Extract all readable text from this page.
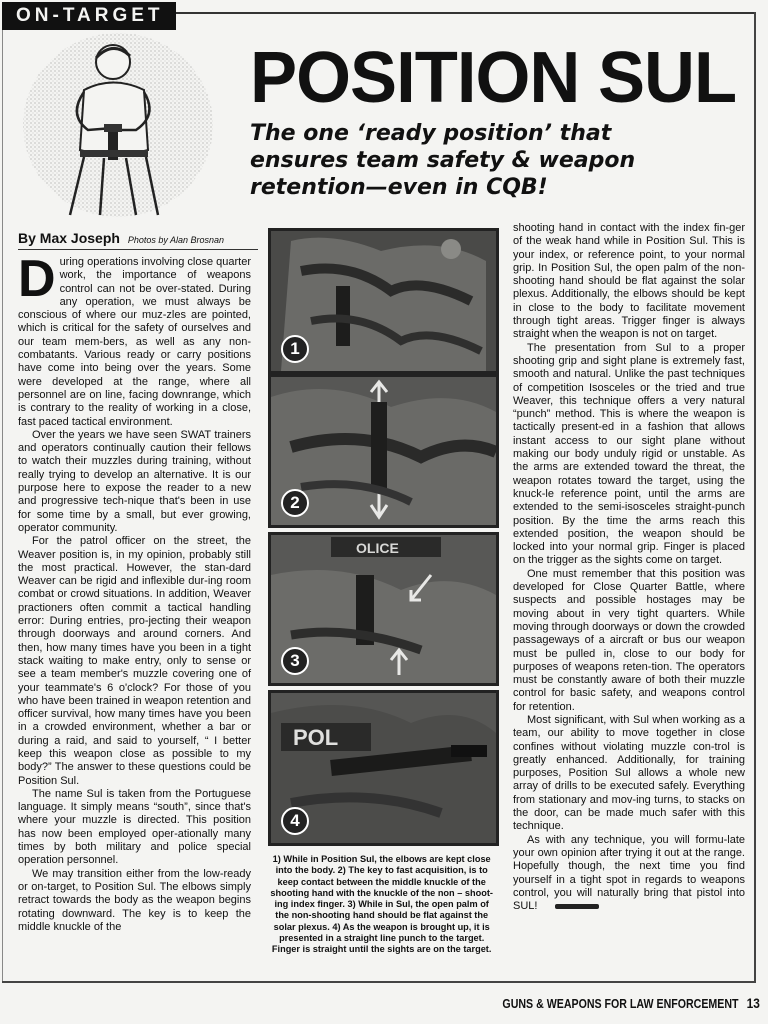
ON-TARGET
POSITION SUL
The one ‘ready position’ that
ensures team safety & weapon
retention—even in CQB!
By Max Joseph Photos by Alan Brosnan

During operations involving close quarter work, the importance of weapons control can not be over-stated. During any operation, we must always be conscious of where our muz-zles are pointed, which is critical for the safety of ourselves and our team mem-bers, as well as any non-combatants. Various ready or carry positions have come into being over the years. Some were developed at the range, where all personnel are on line, facing downrange, which is contrary to the reality of working in a close, fast paced tactical environment.

Over the years we have seen SWAT trainers and operators continually caution their fellows to watch their muzzles during training, without really trying to develop an alternative. It is our purpose here to expose the reader to a new and progressive tech-nique that's been in use for some time by a small, but ever growing, operator community.

For the patrol officer on the street, the Weaver position is, in my opinion, probably still the most practical. However, the stan-dard Weaver can be rigid and inflexible dur-ing room combat or crowd situations. In addition, Weaver practioners often commit a tactical handling error: During entries, pro-jecting their weapon through doorways and around corners. And then, how many times have you been in a tight stack waiting to make entry, only to sense or see a team member's muzzle covering one of your teammate's 6 o'clock? For those of you who have been trained in weapon retention and officer survival, how many times have you been in a crowded environment, whether a bar or during a raid, and said to yourself, “ I better keep this weapon close as possible to my body?” The answer to these questions could be Position Sul.

The name Sul is taken from the Portuguese language. It simply means “south”, since that's where your muzzle is directed. This position has now been employed oper-ationally many times by both military and police special operation personnel.

We may transition either from the low-ready or on-target, to Position Sul. The elbows simply retract towards the body as the weapon begins rotating downward. The key is to keep the middle knuckle of the

1
2
OLICE
3
POL
4
1) While in Position Sul, the elbows are kept close into the body. 2) The key to fast acquisition, is to keep contact between the middle knuckle of the shooting hand with the knuckle of the non – shoot-ing index finger. 3) While in Sul, the open palm of the non-shooting hand should be flat against the solar plexus. 4) As the weapon is brought up, it is presented in a straight line punch to the target. Finger is straight until the sights are on the target.

shooting hand in contact with the index fin-ger of the weak hand while in Position Sul. This is your index, or reference point, to your normal grip. In Position Sul, the open palm of the non-shooting hand should be flat against the solar plexus. Additionally, the elbows should be kept in close to the body to facilitate movement through tight areas. Trigger finger is always straight when the weapon is not on target.

The presentation from Sul to a proper shooting grip and sight plane is extremely fast, smooth and natural. Unlike the past techniques of competition Isosceles or the tried and true Weaver, this technique offers a very natural “punch” method. This is where the weapon is tactically present-ed in a fashion that allows instant access to our sight plane without making our body unduly rigid or unstable. As the arms are extended toward the threat, the weapon rotates toward the target, using the knuck-le reference point, until the arms are extended to the semi-isosceles straight-punch position. By the time the arms reach this extended position, the weapon should be locked into your normal grip. Finger is placed on the trigger as the sights come on target.

One must remember that this position was developed for Close Quarter Battle, where suspects and possible hostages may be moving about in very tight quarters. While moving through doorways or down the crowded passageways of a aircraft or bus our weapon must be pulled in, close to our body for purposes of weapons reten-tion. The operators must be constantly aware of both their muzzle control for basic safety, and weapons control for retention.

Most significant, with Sul when working as a team, our ability to move together in close confines without violating muzzle con-trol is greatly enhanced. Additionally, for training purposes, Position Sul allows a whole new array of drills to be executed safely. Everything from stationary and mov-ing turns, to stacks on the door, can be made much safer with this technique.

As with any technique, you will formu-late your own opinion after trying it out at the range. Hopefully though, the next time you find yourself in a tight spot in regards to weapons control, you will naturally bring that pistol into SUL!

GUNS & WEAPONS FOR LAW ENFORCEMENT 13
